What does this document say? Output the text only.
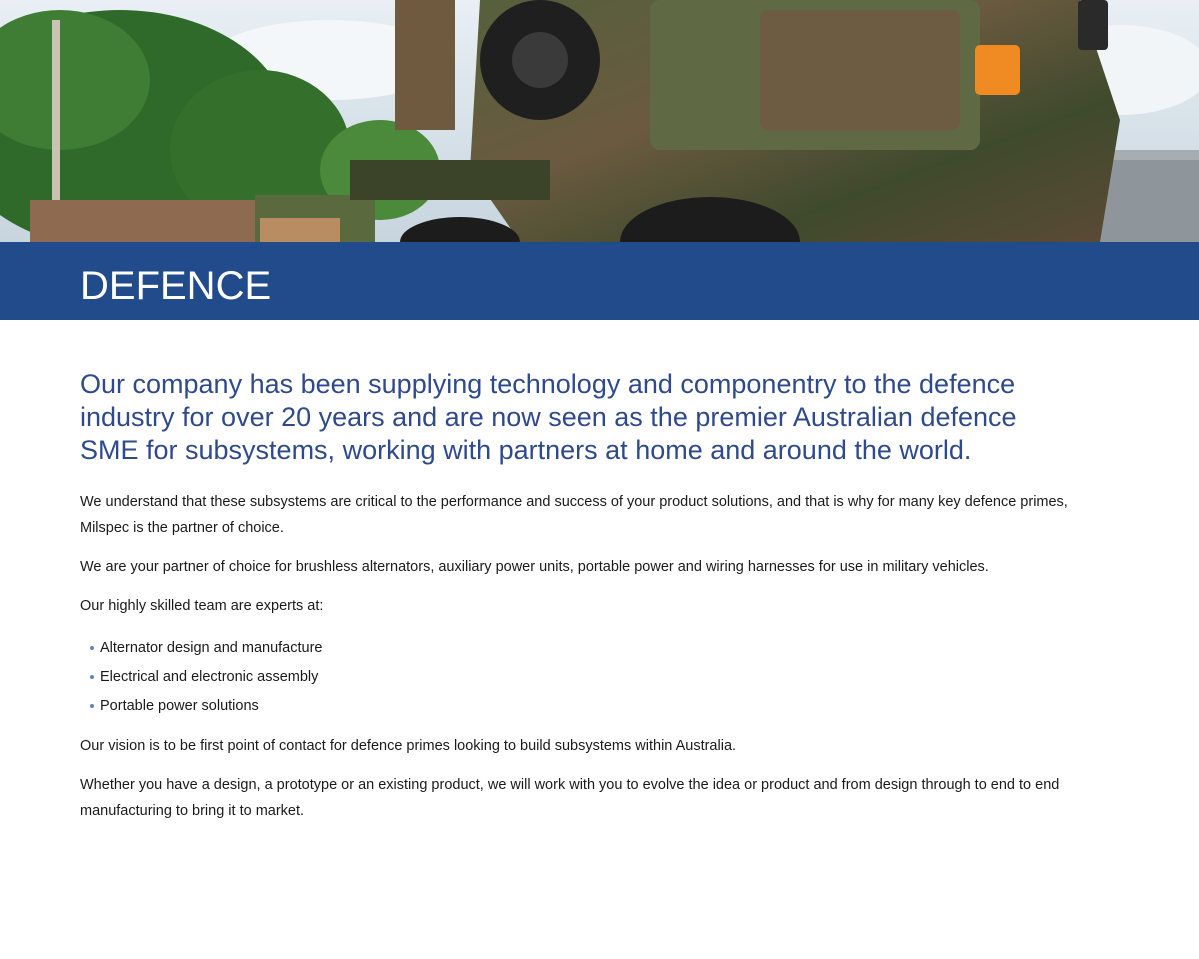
DEFENCE

Our company has been supplying technology and componentry to the defence industry for over 20 years and are now seen as the premier Australian defence SME for subsystems, working with partners at home and around the world.

We understand that these subsystems are critical to the performance and success of your product solutions, and that is why for many key defence primes, Milspec is the partner of choice.

We are your partner of choice for brushless alternators, auxiliary power units, portable power and wiring harnesses for use in military vehicles.

Our highly skilled team are experts at:

Alternator design and manufacture
Electrical and electronic assembly
Portable power solutions

Our vision is to be first point of contact for defence primes looking to build subsystems within Australia.

Whether you have a design, a prototype or an existing product, we will work with you to evolve the idea or product and from design through to end to end manufacturing to bring it to market.
